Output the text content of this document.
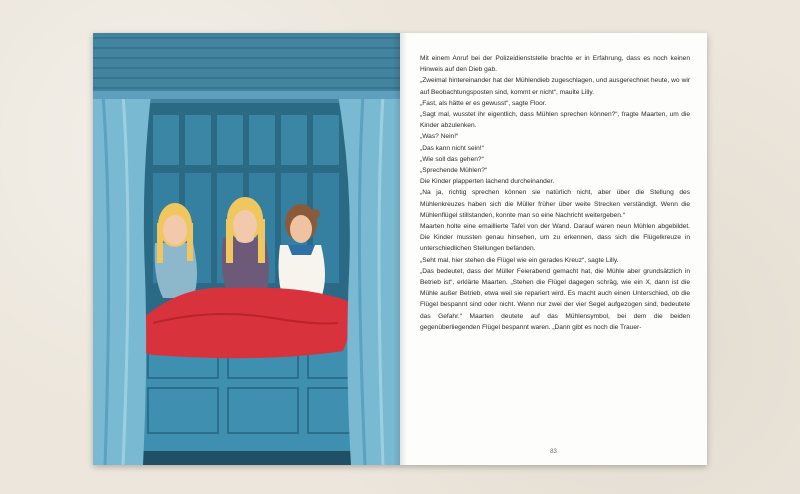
Mit einem Anruf bei der Polizeidienststelle brachte er in Erfahrung, dass es noch keinen Hinweis auf den Dieb gab.

„Zweimal hintereinander hat der Mühlendieb zugeschlagen, und ausgerechnet heute, wo wir auf Beobachtungsposten sind, kommt er nicht“, maulte Lilly.

„Fast, als hätte er es gewusst“, sagte Floor.

„Sagt mal, wusstet ihr eigentlich, dass Mühlen sprechen können?“, fragte Maarten, um die Kinder abzulenken.

„Was? Nein!“

„Das kann nicht sein!“

„Wie soll das gehen?“

„Sprechende Mühlen?“

Die Kinder plapperten lachend durcheinander.

„Na ja, richtig sprechen können sie natürlich nicht, aber über die Stellung des Mühlenkreuzes haben sich die Müller früher über weite Strecken verständigt. Wenn die Mühlenflügel stillstanden, konnte man so eine Nachricht weitergeben.“

Maarten holte eine emaillierte Tafel von der Wand. Darauf waren neun Mühlen abgebildet. Die Kinder mussten genau hinsehen, um zu erkennen, dass sich die Flügelkreuze in unterschiedlichen Stellungen befanden.

„Seht mal, hier stehen die Flügel wie ein gerades Kreuz“, sagte Lilly.

„Das bedeutet, dass der Müller Feierabend gemacht hat, die Mühle aber grundsätzlich in Betrieb ist“, erklärte Maarten. „Stehen die Flügel dagegen schräg, wie ein X, dann ist die Mühle außer Betrieb, etwa weil sie repariert wird. Es macht auch einen Unterschied, ob die Flügel bespannt sind oder nicht. Wenn nur zwei der vier Segel aufgezogen sind, bedeutete das Gefahr.“ Maarten deutete auf das Mühlensymbol, bei dem die beiden gegenüberliegenden Flügel bespannt waren. „Dann gibt es noch die Trauer-

83
